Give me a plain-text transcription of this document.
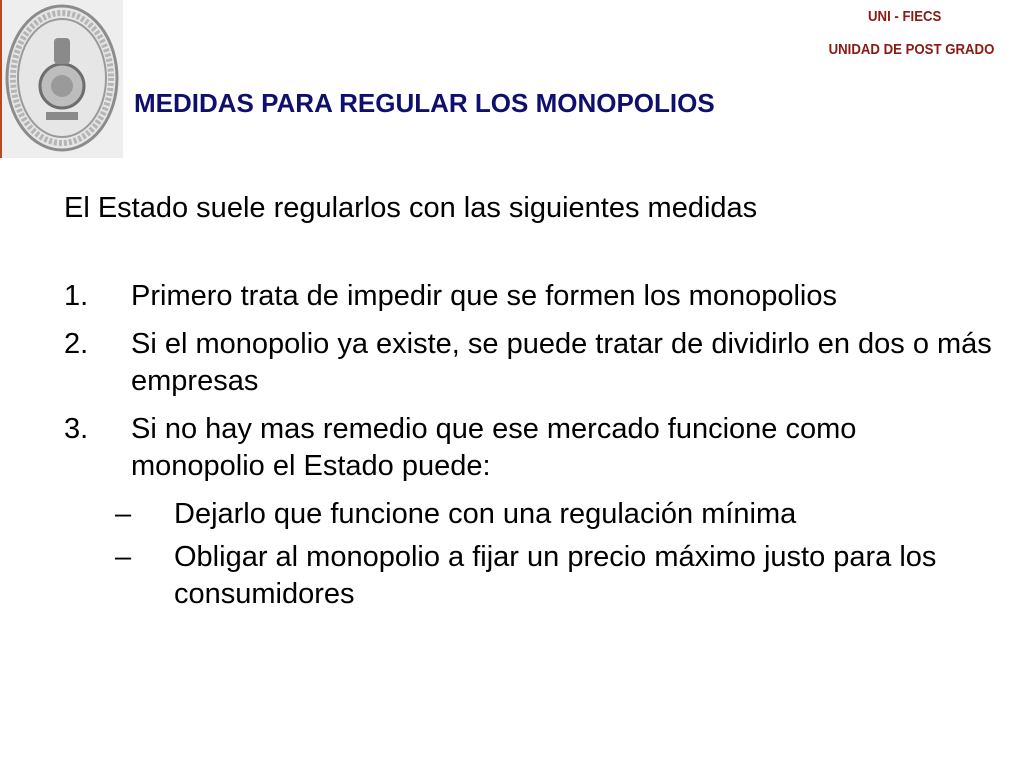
UNI - FIECS
UNIDAD DE POST GRADO
MEDIDAS PARA REGULAR LOS MONOPOLIOS
El Estado suele regularlos con las siguientes medidas
1. Primero trata de impedir que se formen los monopolios
2. Si el monopolio ya existe, se puede tratar de dividirlo en dos o más empresas
3. Si no hay mas remedio que ese mercado funcione como monopolio el Estado puede:
– Dejarlo que funcione con una regulación mínima
– Obligar al monopolio a fijar un precio máximo justo para los consumidores
